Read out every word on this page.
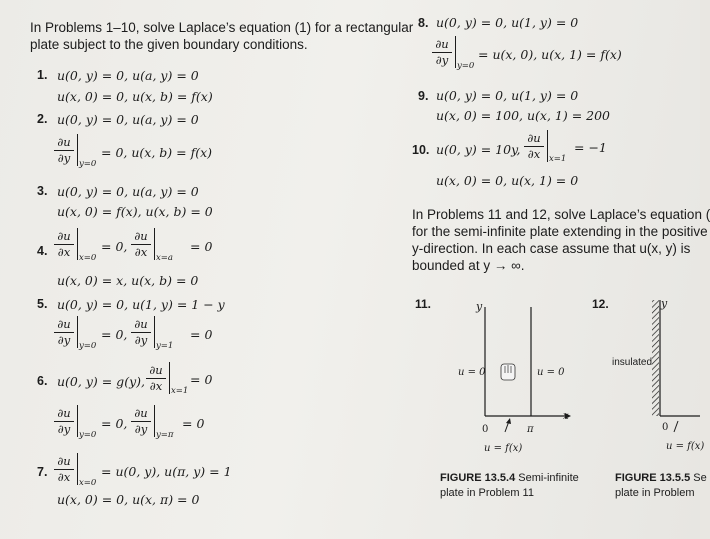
In Problems 1–10, solve Laplace’s equation (1) for a rectangular
plate subject to the given boundary conditions.
1. u(0, y) = 0, u(a, y) = 0
u(x, 0) = 0, u(x, b) = f(x)
2. u(0, y) = 0, u(a, y) = 0
∂u
∂y	y=0
= 0, u(x, b) = f(x)
3. u(0, y) = 0, u(a, y) = 0
u(x, 0) = f(x), u(x, b) = 0
4.
∂u
∂x	x=0
= 0,
∂u
∂x	x=a
= 0
u(x, 0) = x, u(x, b) = 0
5. u(0, y) = 0, u(1, y) = 1 − y
∂u
∂y	y=0
= 0,
∂u
∂y	y=1
= 0
6. u(0, y) = g(y),
∂u
∂x	x=1
= 0
∂u
∂y	y=0
= 0,
∂u
∂y	y=π
= 0
7.
∂u
∂x	x=0
= u(0, y), u(π, y) = 1
u(x, 0) = 0, u(x, π) = 0
8. u(0, y) = 0, u(1, y) = 0
∂u
∂y	y=0
= u(x, 0), u(x, 1) = f(x)
9. u(0, y) = 0, u(1, y) = 0
u(x, 0) = 100, u(x, 1) = 200
10. u(0, y) = 10y,
∂u
∂x	x=1
= −1
u(x, 0) = 0, u(x, 1) = 0
In Problems 11 and 12, solve Laplace’s equation (
for the semi-infinite plate extending in the positive
y-direction. In each case assume that u(x, y) is
bounded at y → ∞.
11.	y
u = 0	u = 0
x
0	π
u = f(x)
FIGURE 13.5.4 Semi-infinite
plate in Problem 11
12.	y
insulated
0
u = f(x)
FIGURE 13.5.5 Se
plate in Problem
